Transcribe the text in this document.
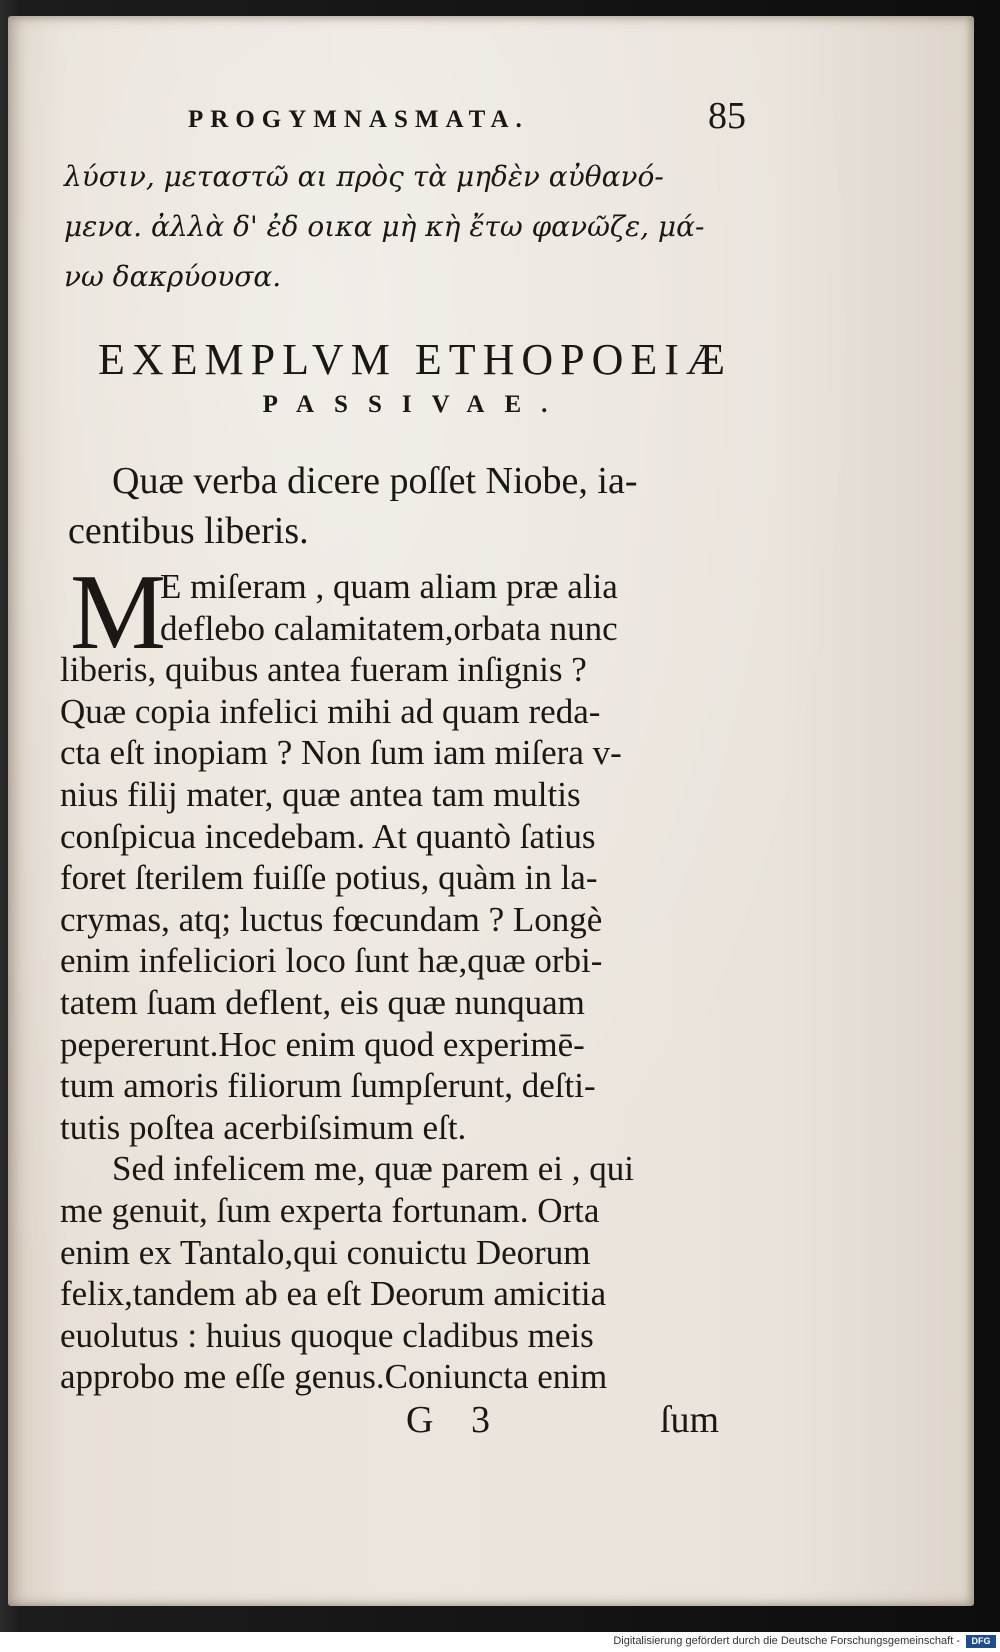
PROGYMNASMATA.	85
λύσιν, μεταστῶ αι πρὸς τὰ μηδὲν αὐθανό-
μενα. ἀλλὰ δ' ἐδ οικα μὴ κὴ ἔτω φανῶζε, μά-
νω δακρύουσα.
EXEMPLVM ETHOPOEIÆ
PASSIVAE.
Quæ verba dicere poſſet Niobe, ia-
centibus liberis.
M
E miſeram , quam aliam præ alia
deflebo calamitatem,orbata nunc
liberis, quibus antea fueram inſignis ?
Quæ copia infelici mihi ad quam reda-
cta eſt inopiam ? Non ſum iam miſera v-
nius filij mater, quæ antea tam multis
conſpicua incedebam. At quantò ſatius
foret ſterilem fuiſſe potius, quàm in la-
crymas, atq; luctus fœcundam ? Longè
enim infeliciori loco ſunt hæ,quæ orbi-
tatem ſuam deflent, eis quæ nunquam
pepererunt.Hoc enim quod experimē-
tum amoris filiorum ſumpſerunt, deſti-
tutis poſtea acerbiſsimum eſt.
Sed infelicem me, quæ parem ei , qui
me genuit, ſum experta fortunam. Orta
enim ex Tantalo,qui conuictu Deorum
felix,tandem ab ea eſt Deorum amicitia
euolutus : huius quoque cladibus meis
approbo me eſſe genus.Coniuncta enim
G 3	ſum
Digitalisierung gefördert durch die Deutsche Forschungsgemeinschaft -	DFG
